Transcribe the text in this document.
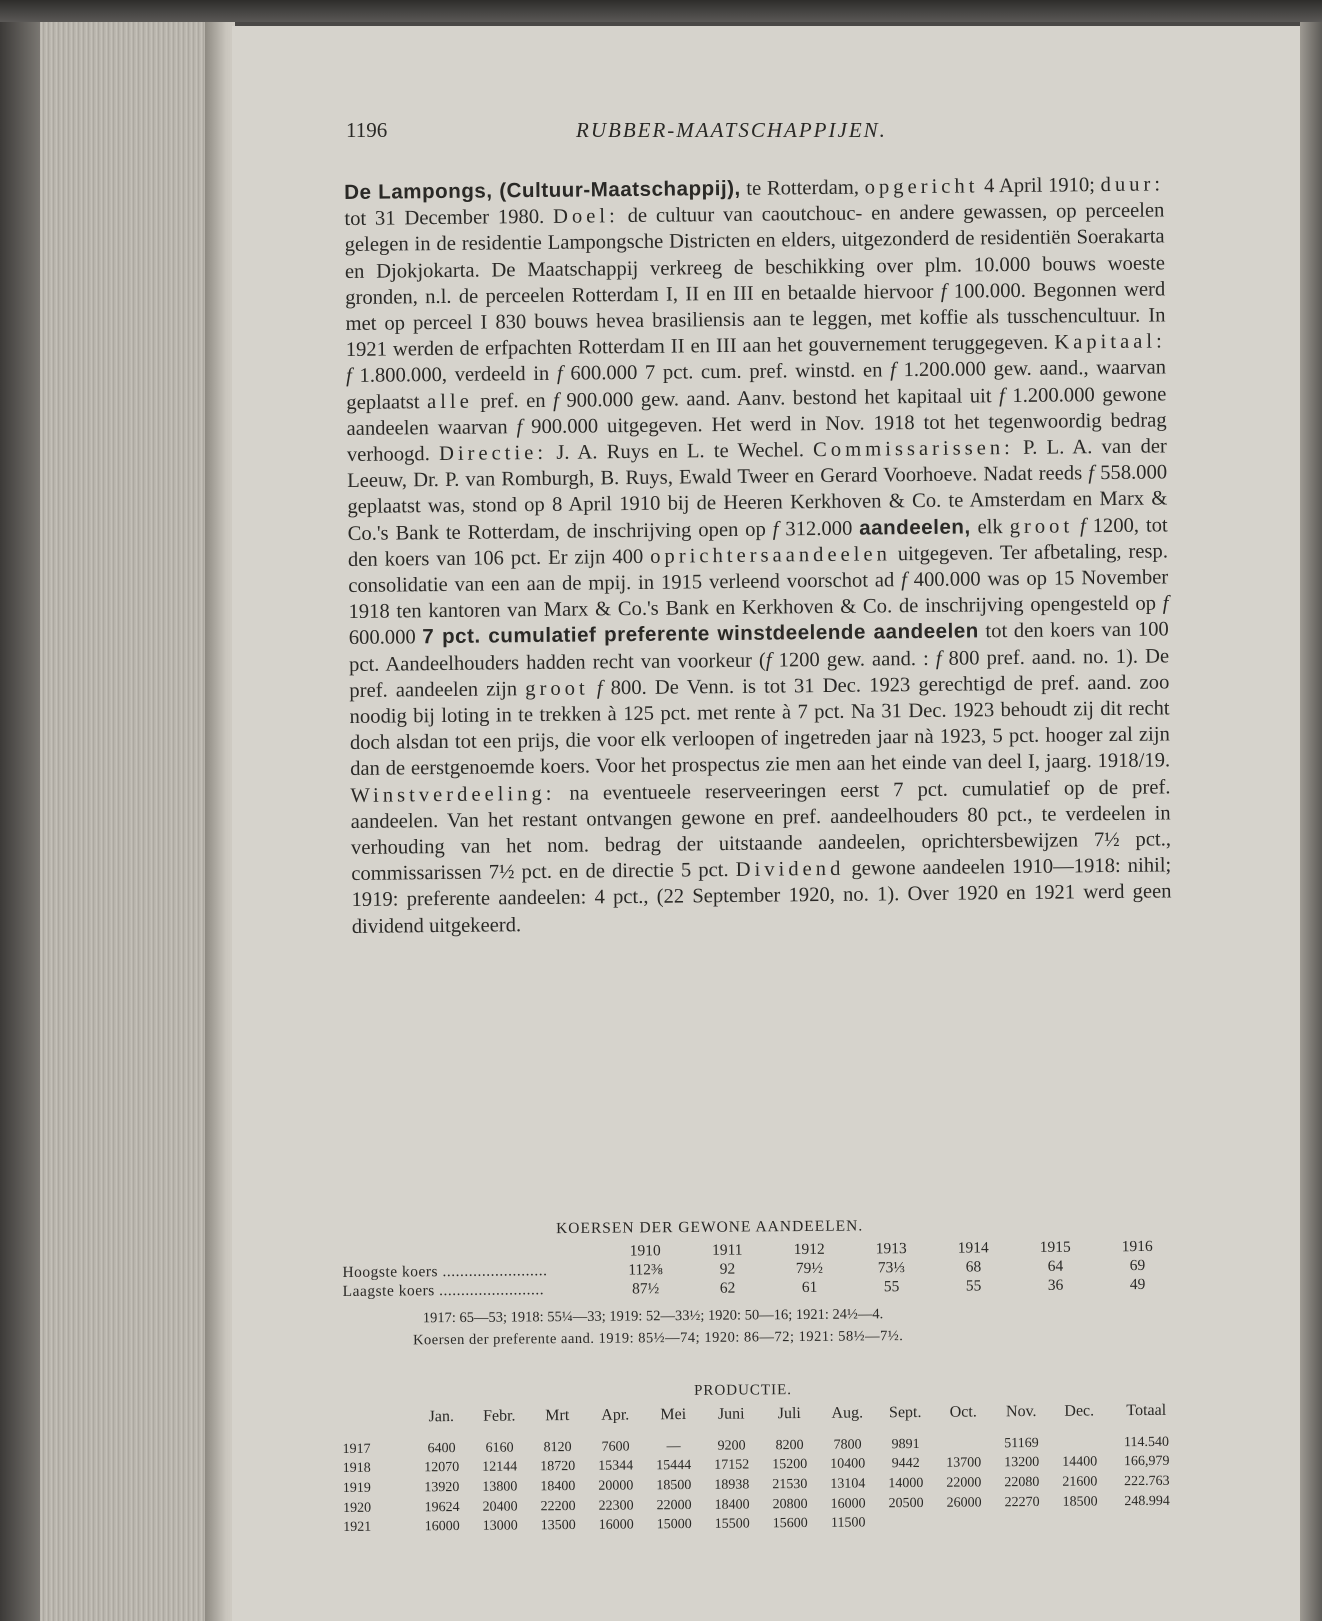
1196	RUBBER-MAATSCHAPPIJEN.

De Lampongs, (Cultuur-Maatschappij), te Rotterdam, opgericht 4 April 1910; duur: tot 31 December 1980. Doel: de cultuur van caoutchouc- en andere gewassen, op perceelen gelegen in de residentie Lampongsche Districten en elders, uitgezonderd de residentiën Soerakarta en Djokjokarta. De Maatschappij verkreeg de beschikking over plm. 10.000 bouws woeste gronden, n.l. de perceelen Rotterdam I, II en III en betaalde hiervoor f 100.000. Begonnen werd met op perceel I 830 bouws hevea brasiliensis aan te leggen, met koffie als tusschencultuur. In 1921 werden de erfpachten Rotterdam II en III aan het gouvernement teruggegeven. Kapitaal: f 1.800.000, verdeeld in f 600.000 7 pct. cum. pref. winstd. en f 1.200.000 gew. aand., waarvan geplaatst alle pref. en f 900.000 gew. aand. Aanv. bestond het kapitaal uit f 1.200.000 gewone aandeelen waarvan f 900.000 uitgegeven. Het werd in Nov. 1918 tot het tegenwoordig bedrag verhoogd. Directie: J. A. Ruys en L. te Wechel. Commissarissen: P. L. A. van der Leeuw, Dr. P. van Romburgh, B. Ruys, Ewald Tweer en Gerard Voorhoeve. Nadat reeds f 558.000 geplaatst was, stond op 8 April 1910 bij de Heeren Kerkhoven & Co. te Amsterdam en Marx & Co.'s Bank te Rotterdam, de inschrijving open op f 312.000 aandeelen, elk groot f 1200, tot den koers van 106 pct. Er zijn 400 oprichtersaandeelen uitgegeven. Ter afbetaling, resp. consolidatie van een aan de mpij. in 1915 verleend voorschot ad f 400.000 was op 15 November 1918 ten kantoren van Marx & Co.'s Bank en Kerkhoven & Co. de inschrijving opengesteld op f 600.000 7 pct. cumulatief preferente winstdeelende aandeelen tot den koers van 100 pct. Aandeelhouders hadden recht van voorkeur (f 1200 gew. aand. : f 800 pref. aand. no. 1). De pref. aandeelen zijn groot f 800. De Venn. is tot 31 Dec. 1923 gerechtigd de pref. aand. zoo noodig bij loting in te trekken à 125 pct. met rente à 7 pct. Na 31 Dec. 1923 behoudt zij dit recht doch alsdan tot een prijs, die voor elk verloopen of ingetreden jaar nà 1923, 5 pct. hooger zal zijn dan de eerstgenoemde koers. Voor het prospectus zie men aan het einde van deel I, jaarg. 1918/19. Winstverdeeling: na eventueele reserveeringen eerst 7 pct. cumulatief op de pref. aandeelen. Van het restant ontvangen gewone en pref. aandeelhouders 80 pct., te verdeelen in verhouding van het nom. bedrag der uitstaande aandeelen, oprichtersbewijzen 7½ pct., commissarissen 7½ pct. en de directie 5 pct. Dividend gewone aandeelen 1910—1918: nihil; 1919: preferente aandeelen: 4 pct., (22 September 1920, no. 1). Over 1920 en 1921 werd geen dividend uitgekeerd.

KOERSEN DER GEWONE AANDEELEN.
	1910	1911	1912	1913	1914	1915	1916
Hoogste koers ........................	112⅜	92	79½	73⅓	68	64	69
Laagste koers ........................	87½	62	61	55	55	36	49
1917: 65—53; 1918: 55¼—33; 1919: 52—33½; 1920: 50—16; 1921: 24½—4.
Koersen der preferente aand. 1919: 85½—74; 1920: 86—72; 1921: 58½—7½.
PRODUCTIE.
	Jan.	Febr.	Mrt	Apr.	Mei	Juni	Juli	Aug.	Sept.	Oct.	Nov.	Dec.	Totaal
1917	6400	6160	8120	7600	—	9200	8200	7800	9891		51169		114.540
1918	12070	12144	18720	15344	15444	17152	15200	10400	9442	13700	13200	14400	166,979
1919	13920	13800	18400	20000	18500	18938	21530	13104	14000	22000	22080	21600	222.763
1920	19624	20400	22200	22300	22000	18400	20800	16000	20500	26000	22270	18500	248.994
1921	16000	13000	13500	16000	15000	15500	15600	11500					
